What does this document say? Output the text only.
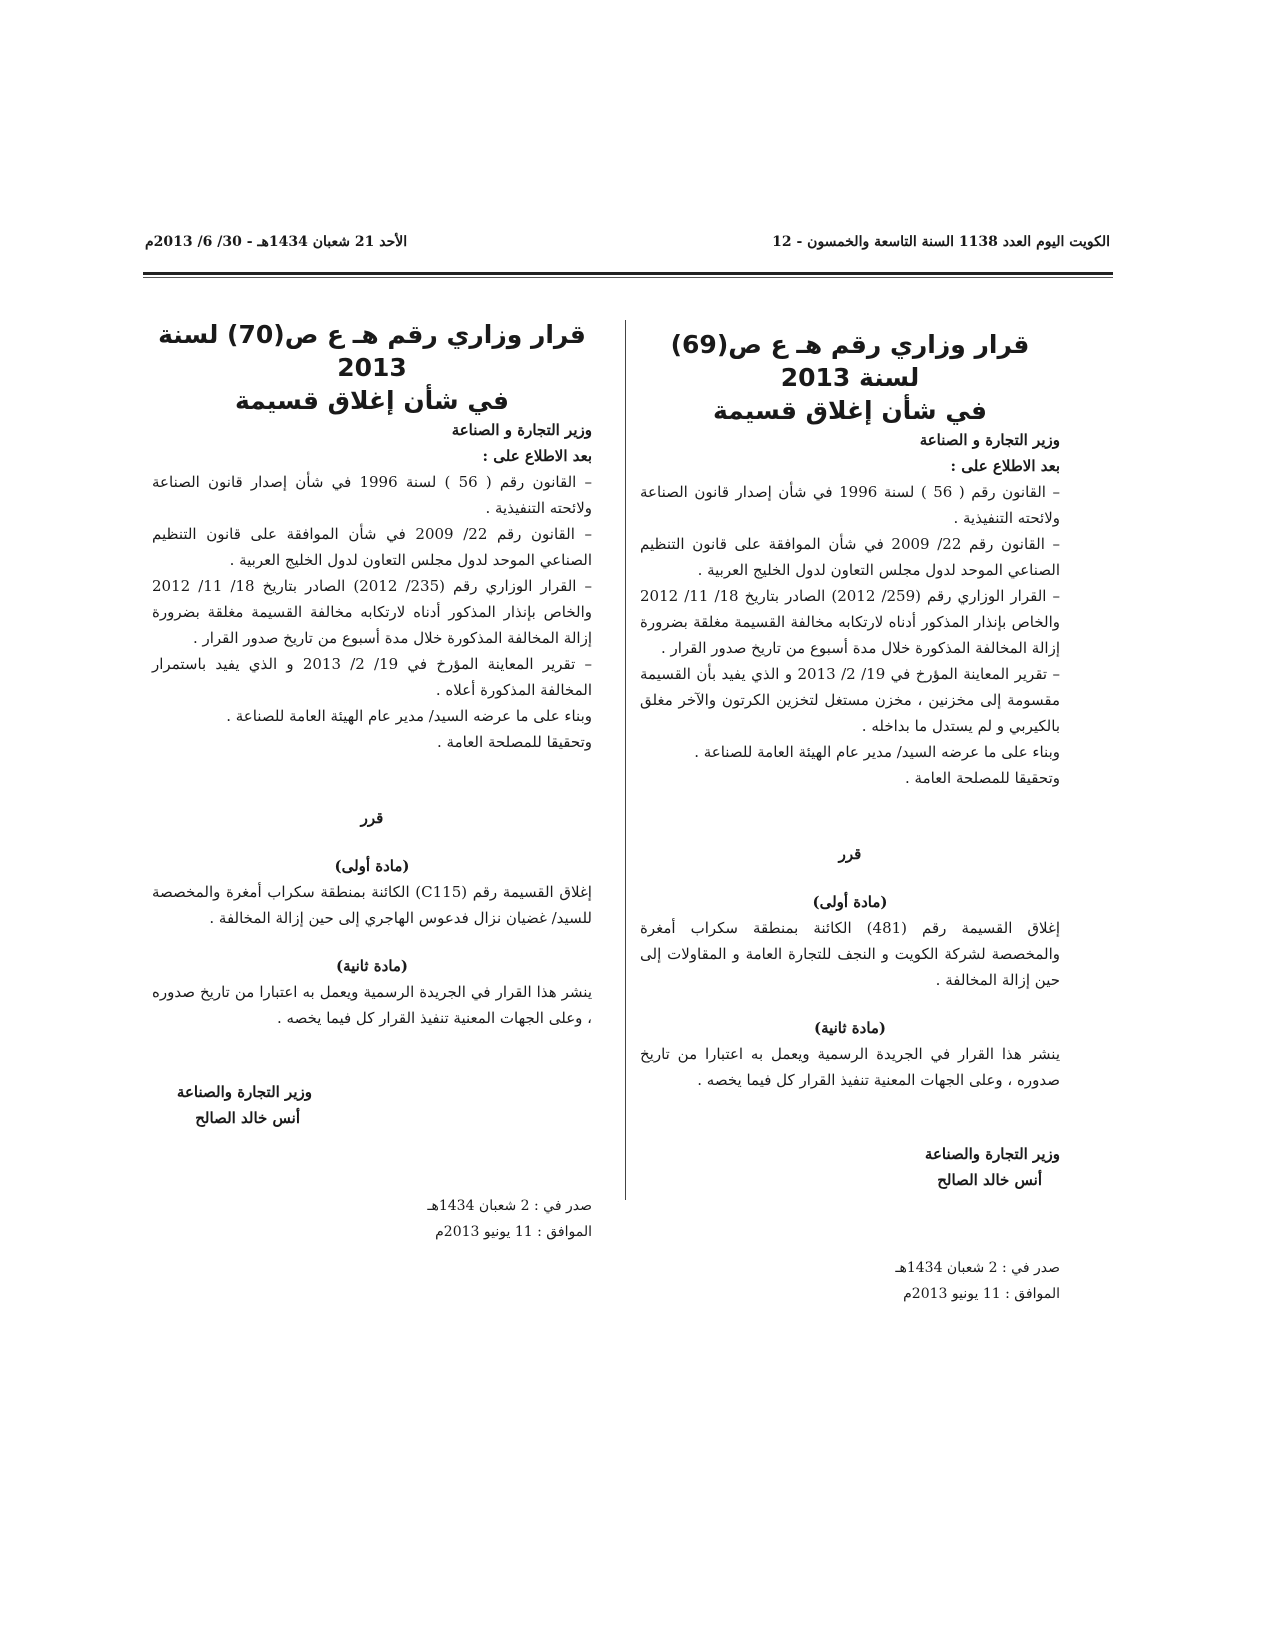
الكويت اليوم العدد 1138 السنة التاسعة والخمسون - 12
الأحد 21 شعبان 1434هـ - 30/ 6/ 2013م

قرار وزاري رقم هـ ع ص(69) لسنة 2013

في شأن إغلاق قسيمة

وزير التجارة و الصناعة

بعد الاطلاع على :

– القانون رقم ( 56 ) لسنة 1996 في شأن إصدار قانون الصناعة ولائحته التنفيذية .

– القانون رقم 22/ 2009 في شأن الموافقة على قانون التنظيم الصناعي الموحد لدول مجلس التعاون لدول الخليج العربية .

– القرار الوزاري رقم (259/ 2012) الصادر بتاريخ 18/ 11/ 2012 والخاص بإنذار المذكور أدناه لارتكابه مخالفة القسيمة مغلقة بضرورة إزالة المخالفة المذكورة خلال مدة أسبوع من تاريخ صدور القرار .

– تقرير المعاينة المؤرخ في 19/ 2/ 2013 و الذي يفيد بأن القسيمة مقسومة إلى مخزنين ، مخزن مستغل لتخزين الكرتون والآخر مغلق بالكيربي و لم يستدل ما بداخله .

وبناء على ما عرضه السيد/ مدير عام الهيئة العامة للصناعة .

وتحقيقا للمصلحة العامة .

قرر

(مادة أولى)

إغلاق القسيمة رقم (481) الكائنة بمنطقة سكراب أمغرة والمخصصة لشركة الكويت و النجف للتجارة العامة و المقاولات إلى حين إزالة المخالفة .

(مادة ثانية)

ينشر هذا القرار في الجريدة الرسمية ويعمل به اعتبارا من تاريخ صدوره ، وعلى الجهات المعنية تنفيذ القرار كل فيما يخصه .

وزير التجارة والصناعة

أنس خالد الصالح

صدر في : 2 شعبان 1434هـ

الموافق : 11 يونيو 2013م

قرار وزاري رقم هـ ع ص(70) لسنة 2013

في شأن إغلاق قسيمة

وزير التجارة و الصناعة

بعد الاطلاع على :

– القانون رقم ( 56 ) لسنة 1996 في شأن إصدار قانون الصناعة ولائحته التنفيذية .

– القانون رقم 22/ 2009 في شأن الموافقة على قانون التنظيم الصناعي الموحد لدول مجلس التعاون لدول الخليج العربية .

– القرار الوزاري رقم (235/ 2012) الصادر بتاريخ 18/ 11/ 2012 والخاص بإنذار المذكور أدناه لارتكابه مخالفة القسيمة مغلقة بضرورة إزالة المخالفة المذكورة خلال مدة أسبوع من تاريخ صدور القرار .

– تقرير المعاينة المؤرخ في 19/ 2/ 2013 و الذي يفيد باستمرار المخالفة المذكورة أعلاه .

وبناء على ما عرضه السيد/ مدير عام الهيئة العامة للصناعة .

وتحقيقا للمصلحة العامة .

قرر

(مادة أولى)

إغلاق القسيمة رقم (C115) الكائنة بمنطقة سكراب أمغرة والمخصصة للسيد/ غضيان نزال فدعوس الهاجري إلى حين إزالة المخالفة .

(مادة ثانية)

ينشر هذا القرار في الجريدة الرسمية ويعمل به اعتبارا من تاريخ صدوره ، وعلى الجهات المعنية تنفيذ القرار كل فيما يخصه .

وزير التجارة والصناعة

أنس خالد الصالح

صدر في : 2 شعبان 1434هـ

الموافق : 11 يونيو 2013م
